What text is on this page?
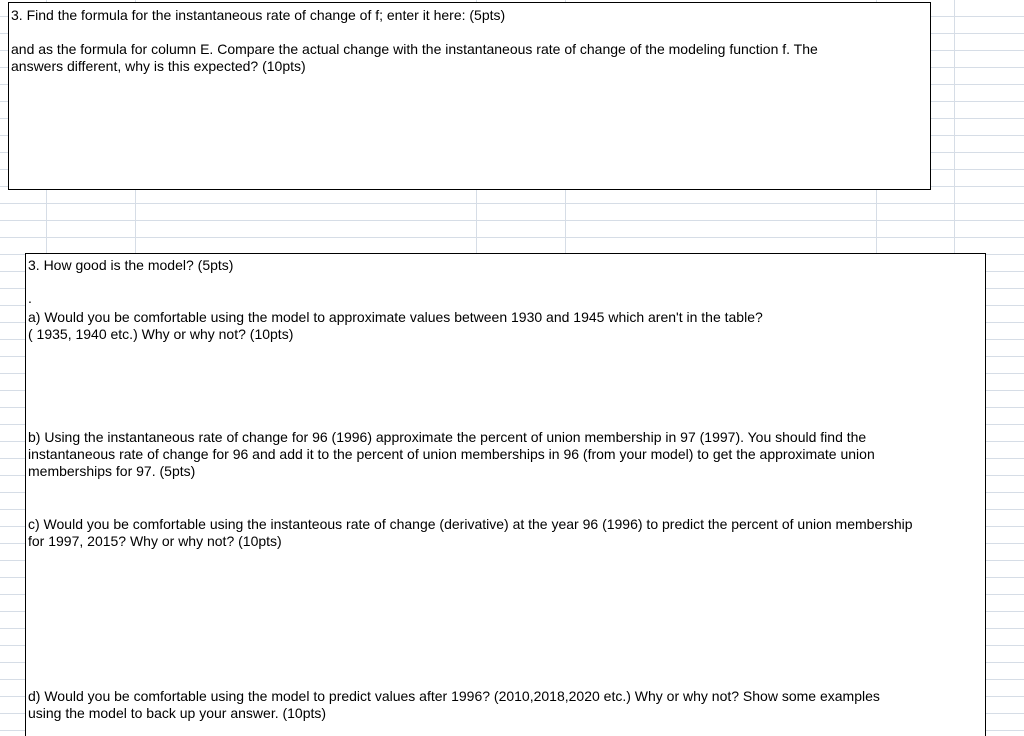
3. Find the formula for the instantaneous rate of change of f; enter it here: (5pts)
and as the formula for column E. Compare the actual change with the instantaneous rate of change of the modeling function f. The
answers different, why is this expected? (10pts)
3. How good is the model? (5pts)
.
a) Would you be comfortable using the model to approximate values between 1930 and 1945 which aren't in the table?
( 1935, 1940 etc.) Why or why not? (10pts)
b) Using the instantaneous rate of change for 96 (1996) approximate the percent of union membership in 97 (1997). You should find the
instantaneous rate of change for 96 and add it to the percent of union memberships in 96 (from your model) to get the approximate union
memberships for 97. (5pts)
c) Would you be comfortable using the instanteous rate of change (derivative) at the year 96 (1996) to predict the percent of union membership
for 1997, 2015? Why or why not? (10pts)
d) Would you be comfortable using the model to predict values after 1996? (2010,2018,2020 etc.) Why or why not? Show some examples
using the model to back up your answer. (10pts)
